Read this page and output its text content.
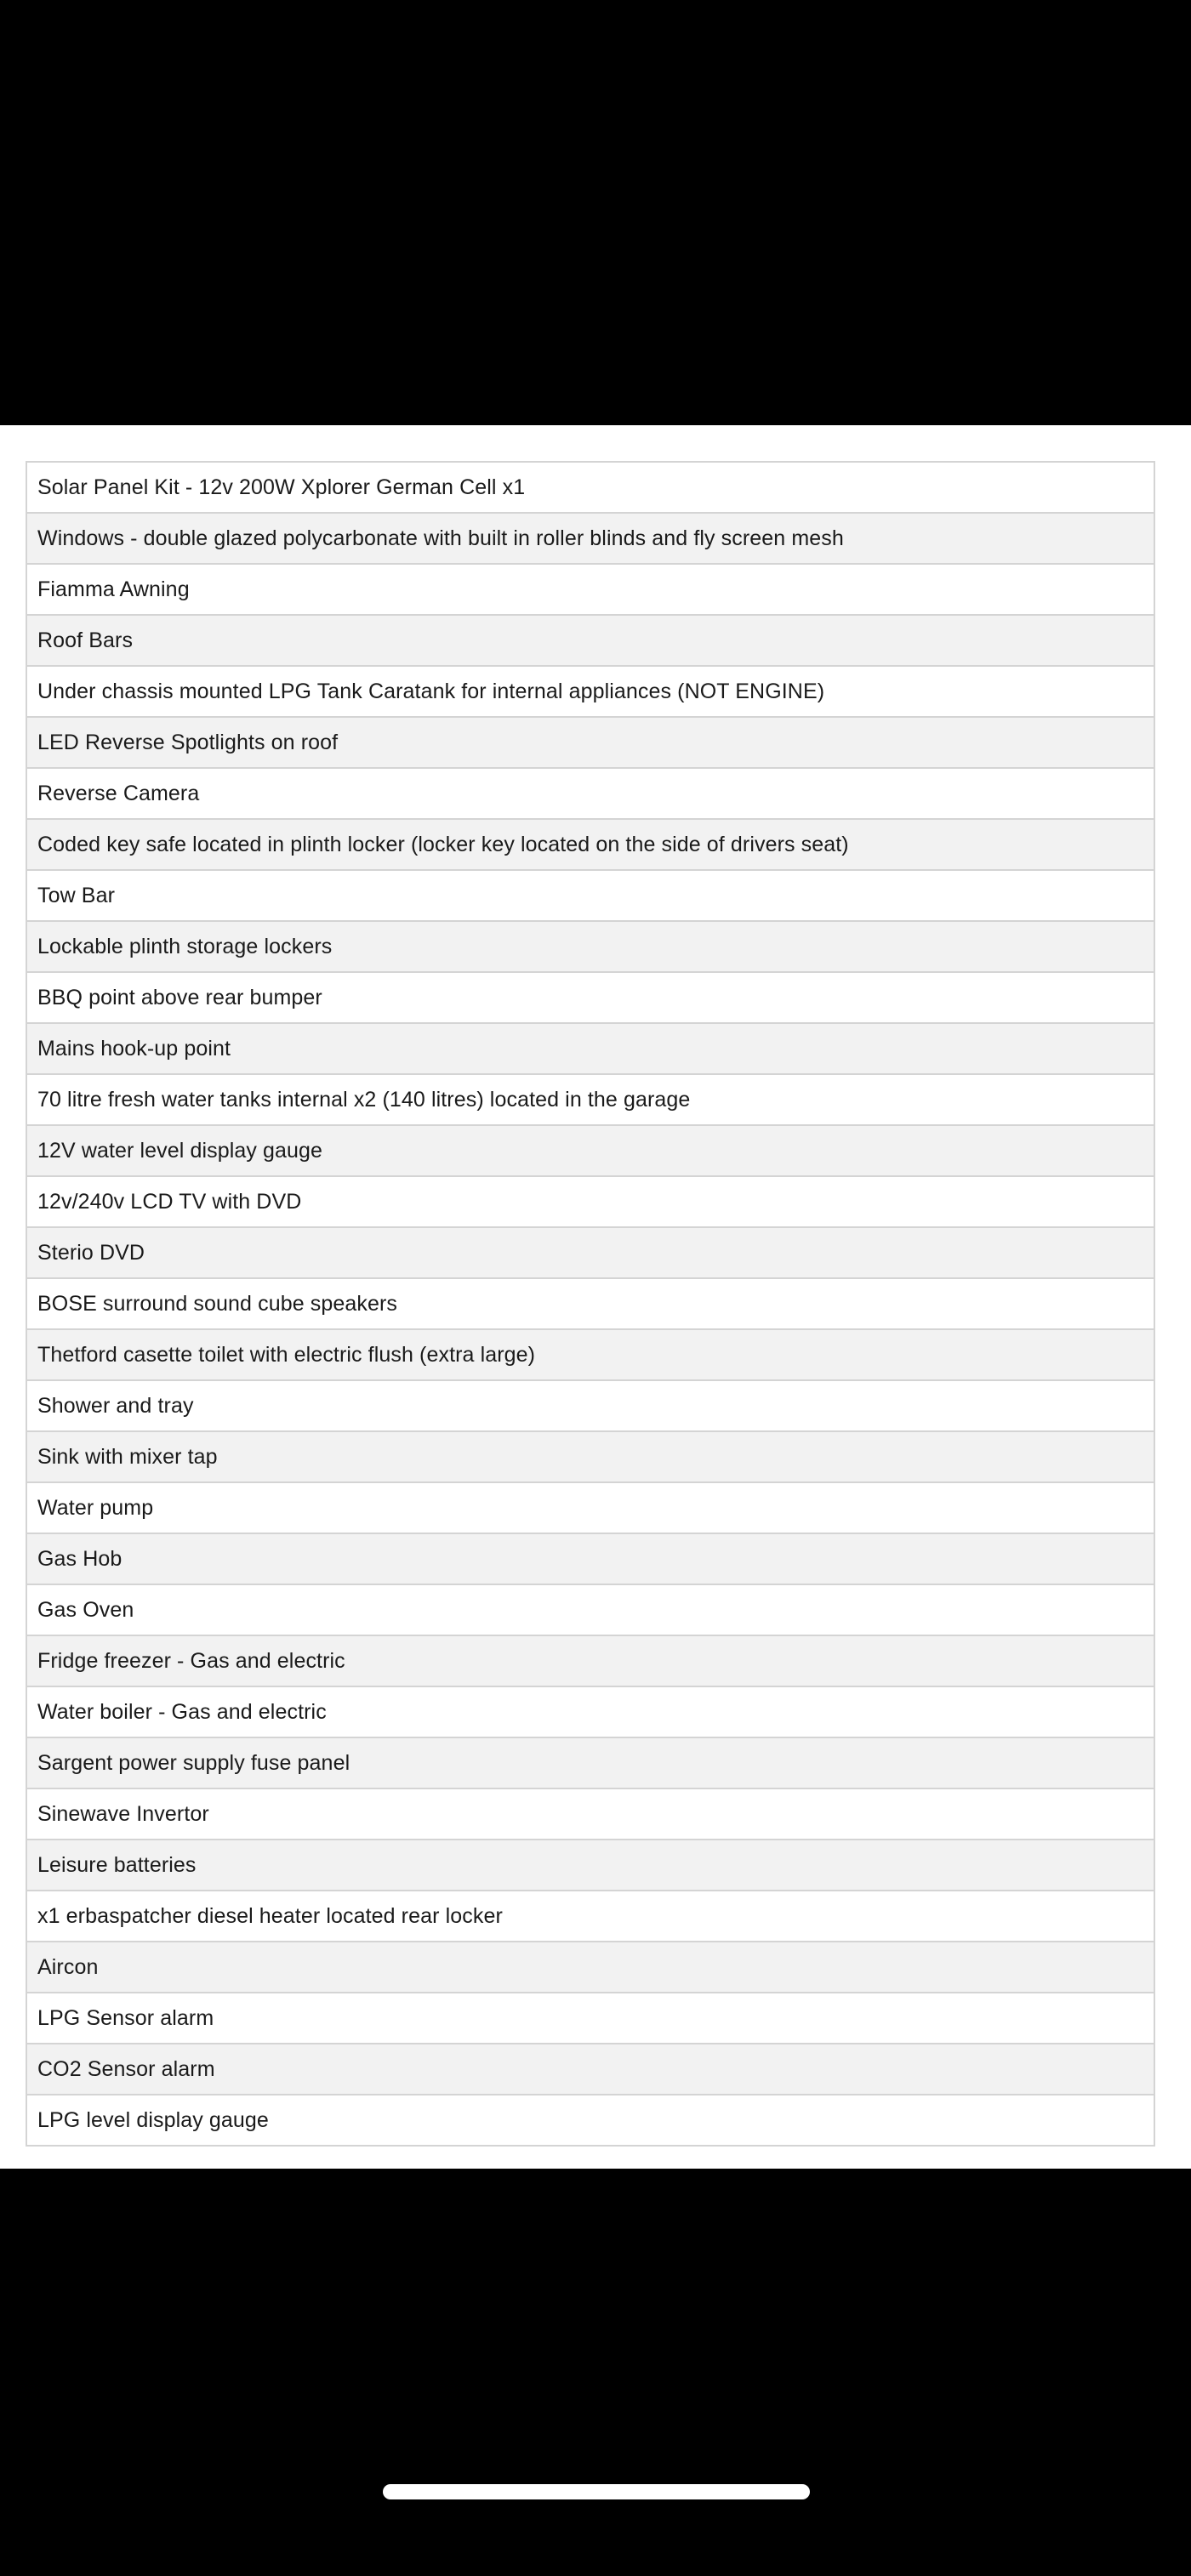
Solar Panel Kit - 12v 200W Xplorer German Cell x1
Windows - double glazed polycarbonate with built in roller blinds and fly screen mesh
Fiamma Awning
Roof Bars
Under chassis mounted LPG Tank Caratank for internal appliances (NOT ENGINE)
LED Reverse Spotlights on roof
Reverse Camera
Coded key safe located in plinth locker (locker key located on the side of drivers seat)
Tow Bar
Lockable plinth storage lockers
BBQ point above rear bumper
Mains hook-up point
70 litre fresh water tanks internal x2 (140 litres) located in the garage
12V water level display gauge
12v/240v LCD TV with DVD
Sterio DVD
BOSE surround sound cube speakers
Thetford casette toilet with electric flush (extra large)
Shower and tray
Sink with mixer tap
Water pump
Gas Hob
Gas Oven
Fridge freezer - Gas and electric
Water boiler - Gas and electric
Sargent power supply fuse panel
Sinewave Invertor
Leisure batteries
x1 erbaspatcher diesel heater located rear locker
Aircon
LPG Sensor alarm
CO2 Sensor alarm
LPG level display gauge
